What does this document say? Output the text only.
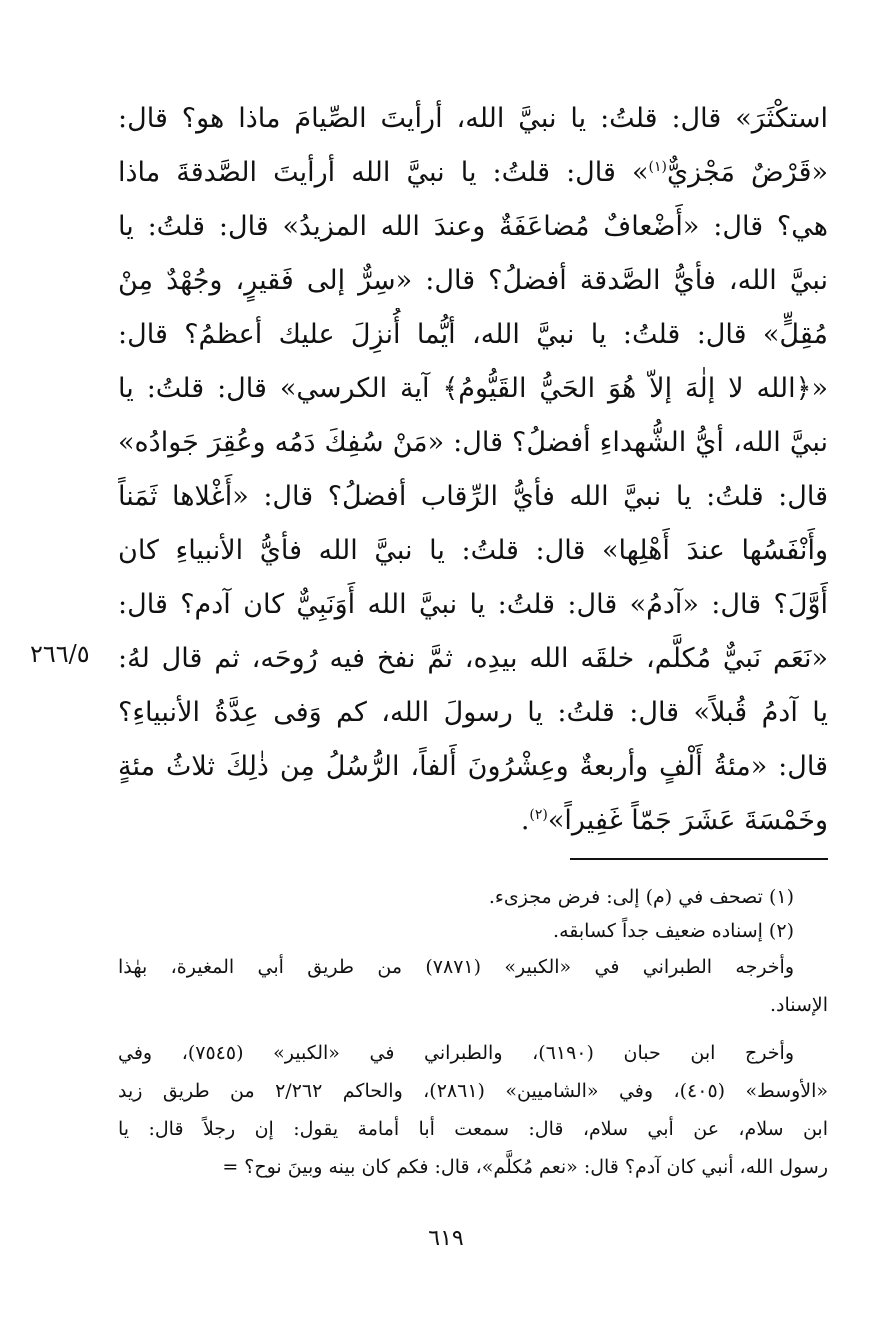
استكْثَرَ» قال: قلتُ: يا نبيَّ الله، أرأيتَ الصِّيامَ ماذا هو؟ قال:
«قَرْضٌ مَجْزيٌّ$^{(١)}$» قال: قلتُ: يا نبيَّ الله أرأيتَ الصَّدقةَ ماذا
هي؟ قال: «أَضْعافٌ مُضاعَفَةٌ وعندَ الله المزيدُ» قال: قلتُ: يا
نبيَّ الله، فأيُّ الصَّدقة أفضلُ؟ قال: «سِرٌّ إلى فَقيرٍ، وجُهْدٌ مِنْ
مُقِلٍّ» قال: قلتُ: يا نبيَّ الله، أيُّما أُنزِلَ عليك أعظمُ؟ قال:
«﴿الله لا إلٰهَ إلاّ هُوَ الحَيُّ القَيُّومُ﴾ آية الكرسي» قال: قلتُ: يا
نبيَّ الله، أيُّ الشُّهداءِ أفضلُ؟ قال: «مَنْ سُفِكَ دَمُه وعُقِرَ جَوادُه»
قال: قلتُ: يا نبيَّ الله فأيُّ الرِّقاب أفضلُ؟ قال: «أَغْلاها ثَمَناً
وأَنْفَسُها عندَ أَهْلِها» قال: قلتُ: يا نبيَّ الله فأيُّ الأنبياءِ كان
أَوَّلَ؟ قال: «آدمُ» قال: قلتُ: يا نبيَّ الله أَوَنَبِيٌّ كان آدم؟ قال:
«نَعَم نَبيٌّ مُكلَّم، خلقَه الله بيدِه، ثمَّ نفخ فيه رُوحَه، ثم قال لهُ:
يا آدمُ قُبلاً» قال: قلتُ: يا رسولَ الله، كم وَفى عِدَّةُ الأنبياءِ؟
قال: «مئةُ أَلْفٍ وأربعةٌ وعِشْرُونَ أَلفاً، الرُّسُلُ مِن ذٰلِكَ ثلاثُ مئةٍ
وخَمْسَةَ عَشَرَ جَمّاً غَفِيراً»$^{(٢)}$.
٢٦٦/٥
(١) تصحف في (م) إلى: فرض مجزىء.
(٢) إسناده ضعيف جداً كسابقه.
وأخرجه الطبراني في «الكبير» (٧٨٧١) من طريق أبي المغيرة، بهٰذا
الإسناد.
وأخرج ابن حبان (٦١٩٠)، والطبراني في «الكبير» (٧٥٤٥)، وفي
«الأوسط» (٤٠٥)، وفي «الشاميين» (٢٨٦١)، والحاكم ٢/٢٦٢ من طريق زيد
ابن سلام، عن أبي سلام، قال: سمعت أبا أمامة يقول: إن رجلاً قال: يا
رسول الله، أنبي كان آدم؟ قال: «نعم مُكلَّم»، قال: فكم كان بينه وبينَ نوح؟ =
٦١٩
